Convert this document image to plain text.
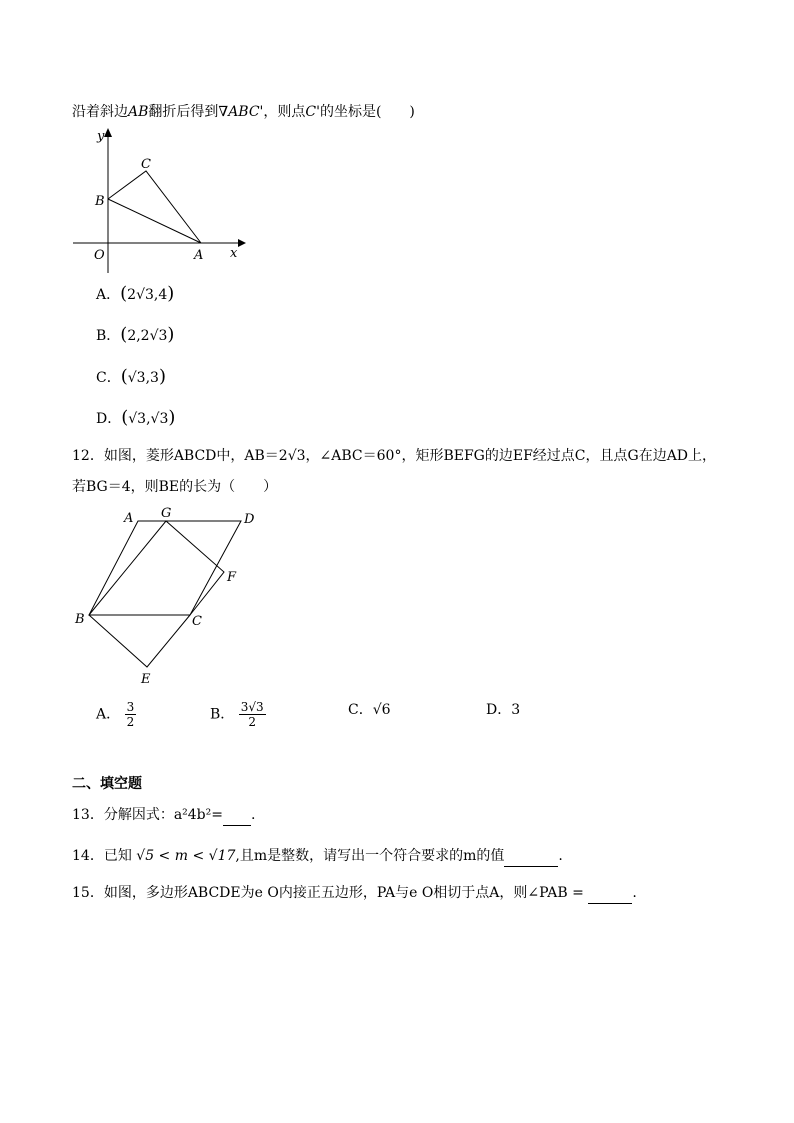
沿着斜边AB翻折后得到∇ABC'，则点C'的坐标是(　　)
y
C
B
O	A x
A．(2√3,4)
B．(2,2√3)
C．(√3,3)
D．(√3,√3)
12．如图，菱形ABCD中，AB＝2√3，∠ABC＝60°，矩形BEFG的边EF经过点C，且点G在边AD上，
若BG＝4，则BE的长为（　　）
A G	D
F
B	C
E
A． $\frac{3}{2}$	B． $\frac{3√3}{2}$	C．√6	D．3
二、填空题
13．分解因式：a²4b²= .
14．已知 √5 < m < √17,且m是整数，请写出一个符合要求的m的值	.
15．如图，多边形ABCDE为e O内接正五边形，PA与e O相切于点A，则∠PAB =	.
